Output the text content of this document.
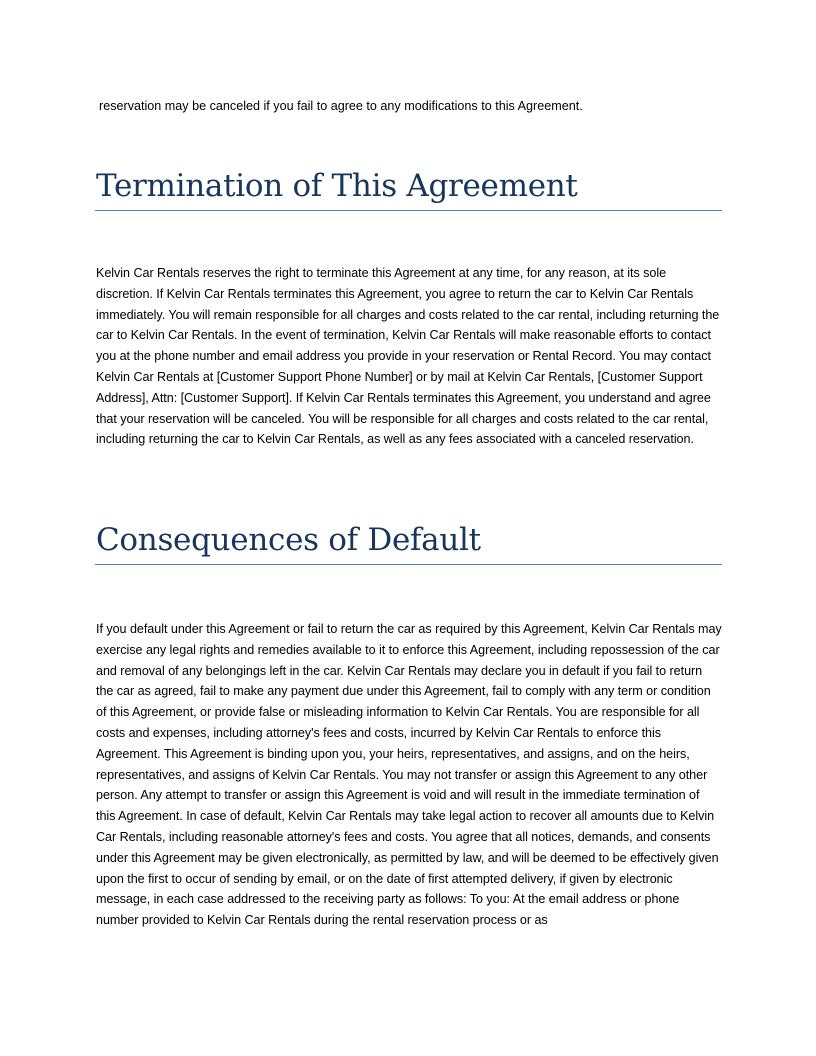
reservation may be canceled if you fail to agree to any modifications to this Agreement.

Termination of This Agreement

Kelvin Car Rentals reserves the right to terminate this Agreement at any time, for any reason, at its sole discretion. If Kelvin Car Rentals terminates this Agreement, you agree to return the car to Kelvin Car Rentals immediately. You will remain responsible for all charges and costs related to the car rental, including returning the car to Kelvin Car Rentals. In the event of termination, Kelvin Car Rentals will make reasonable efforts to contact you at the phone number and email address you provide in your reservation or Rental Record. You may contact Kelvin Car Rentals at [Customer Support Phone Number] or by mail at Kelvin Car Rentals, [Customer Support Address], Attn: [Customer Support]. If Kelvin Car Rentals terminates this Agreement, you understand and agree that your reservation will be canceled. You will be responsible for all charges and costs related to the car rental, including returning the car to Kelvin Car Rentals, as well as any fees associated with a canceled reservation.

Consequences of Default

If you default under this Agreement or fail to return the car as required by this Agreement, Kelvin Car Rentals may exercise any legal rights and remedies available to it to enforce this Agreement, including repossession of the car and removal of any belongings left in the car. Kelvin Car Rentals may declare you in default if you fail to return the car as agreed, fail to make any payment due under this Agreement, fail to comply with any term or condition of this Agreement, or provide false or misleading information to Kelvin Car Rentals. You are responsible for all costs and expenses, including attorney's fees and costs, incurred by Kelvin Car Rentals to enforce this Agreement. This Agreement is binding upon you, your heirs, representatives, and assigns, and on the heirs, representatives, and assigns of Kelvin Car Rentals. You may not transfer or assign this Agreement to any other person. Any attempt to transfer or assign this Agreement is void and will result in the immediate termination of this Agreement. In case of default, Kelvin Car Rentals may take legal action to recover all amounts due to Kelvin Car Rentals, including reasonable attorney's fees and costs. You agree that all notices, demands, and consents under this Agreement may be given electronically, as permitted by law, and will be deemed to be effectively given upon the first to occur of sending by email, or on the date of first attempted delivery, if given by electronic message, in each case addressed to the receiving party as follows: To you: At the email address or phone number provided to Kelvin Car Rentals during the rental reservation process or as
